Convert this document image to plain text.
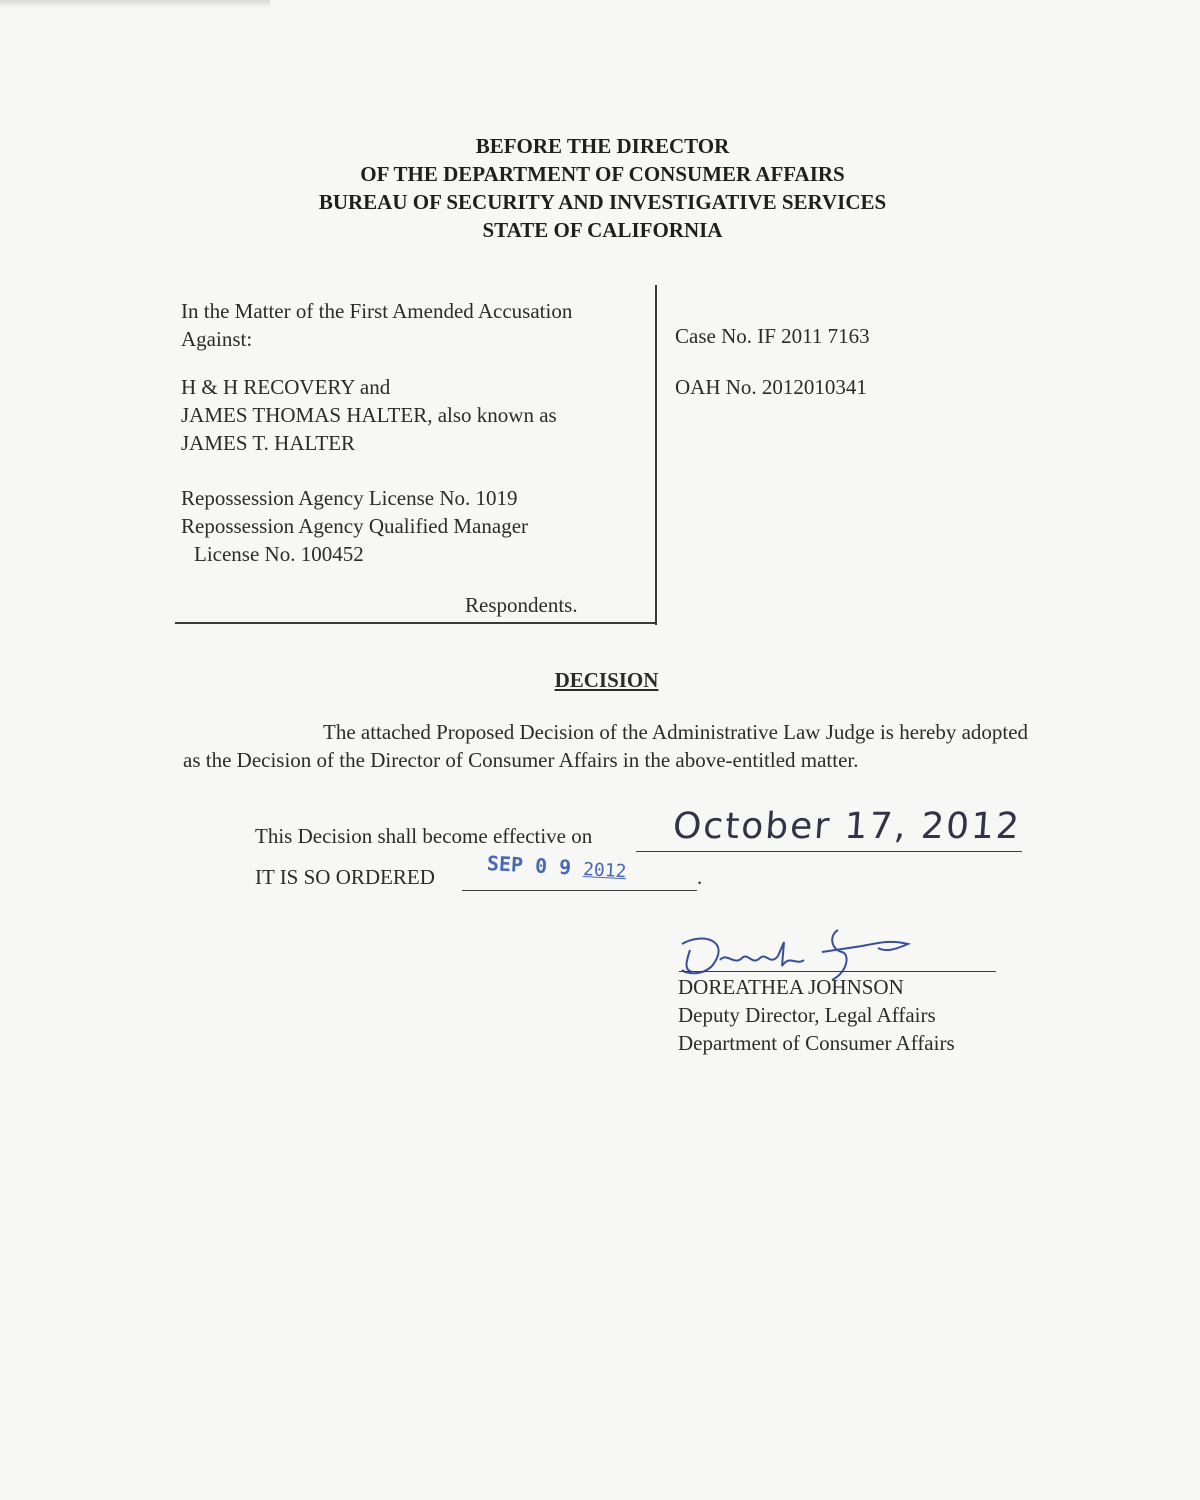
BEFORE THE DIRECTOR
OF THE DEPARTMENT OF CONSUMER AFFAIRS
BUREAU OF SECURITY AND INVESTIGATIVE SERVICES
STATE OF CALIFORNIA

In the Matter of the First Amended Accusation

Against:

H & H RECOVERY and

JAMES THOMAS HALTER, also known as

JAMES T. HALTER

Repossession Agency License No. 1019

Repossession Agency Qualified Manager

License No. 100452

Respondents.

Case No. IF 2011 7163

OAH No. 2012010341

DECISION
The attached Proposed Decision of the Administrative Law Judge is hereby adopted as the Decision of the Director of Consumer Affairs in the above-entitled matter.
This Decision shall become effective on October 17, 2012
IT IS SO ORDERED	.
SEP 0 9 2012

DOREATHEA JOHNSON

Deputy Director, Legal Affairs

Department of Consumer Affairs
